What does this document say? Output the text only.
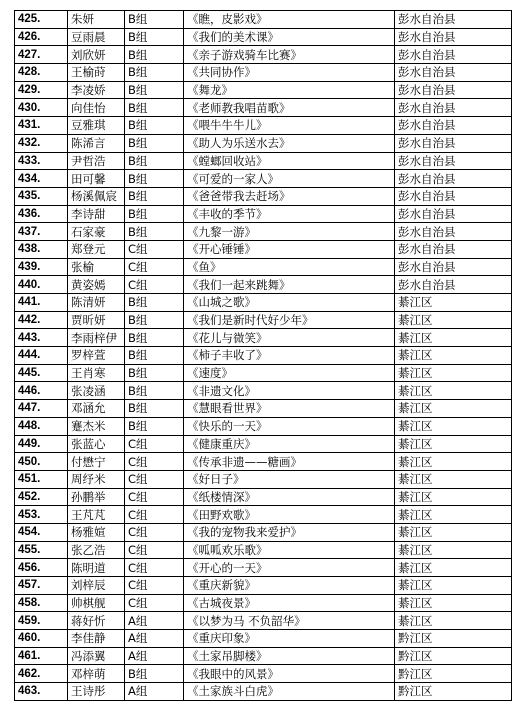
425.	朱妍	B组	《瞧，皮影戏》	彭水自治县
426.	豆雨晨	B组	《我们的美术课》	彭水自治县
427.	刘欣妍	B组	《亲子游戏骑车比赛》	彭水自治县
428.	王榆莳	B组	《共同协作》	彭水自治县
429.	李凌娇	B组	《舞龙》	彭水自治县
430.	向佳怡	B组	《老师教我唱苗歌》	彭水自治县
431.	豆雅琪	B组	《喂牛牛牛儿》	彭水自治县
432.	陈浠言	B组	《助人为乐送水去》	彭水自治县
433.	尹哲浩	B组	《螳螂回收站》	彭水自治县
434.	田可馨	B组	《可爱的一家人》	彭水自治县
435.	杨溪佩宸	B组	《爸爸带我去赶场》	彭水自治县
436.	李诗甜	B组	《丰收的季节》	彭水自治县
437.	石家豪	B组	《九黎一游》	彭水自治县
438.	郑登元	C组	《开心锤锤》	彭水自治县
439.	张榆	C组	《鱼》	彭水自治县
440.	黄姿嫣	C组	《我们一起来跳舞》	彭水自治县
441.	陈清妍	B组	《山城之歌》	綦江区
442.	贾昕妍	B组	《我们是新时代好少年》	綦江区
443.	李雨梓伊	B组	《花儿与微笑》	綦江区
444.	罗梓萱	B组	《柿子丰收了》	綦江区
445.	王肖寒	B组	《速度》	綦江区
446.	张凌涵	B组	《非遗文化》	綦江区
447.	邓涵允	B组	《慧眼看世界》	綦江区
448.	蹇杰米	B组	《快乐的一天》	綦江区
449.	张蓝心	C组	《健康重庆》	綦江区
450.	付懋宁	C组	《传承非遗——糖画》	綦江区
451.	周纾米	C组	《好日子》	綦江区
452.	孙鹏举	C组	《纸楼情深》	綦江区
453.	王芃芃	C组	《田野欢歌》	綦江区
454.	杨雅媗	C组	《我的宠物我来爱护》	綦江区
455.	张乙浩	C组	《呱呱欢乐歌》	綦江区
456.	陈明道	C组	《开心的一天》	綦江区
457.	刘梓辰	C组	《重庆新貌》	綦江区
458.	帅棋舰	C组	《古城夜景》	綦江区
459.	蒋好忻	A组	《以梦为马 不负韶华》	綦江区
460.	李佳静	A组	《重庆印象》	黔江区
461.	冯添翼	A组	《土家吊脚楼》	黔江区
462.	邓梓萌	B组	《我眼中的风景》	黔江区
463.	王诗彤	A组	《土家族斗白虎》	黔江区
